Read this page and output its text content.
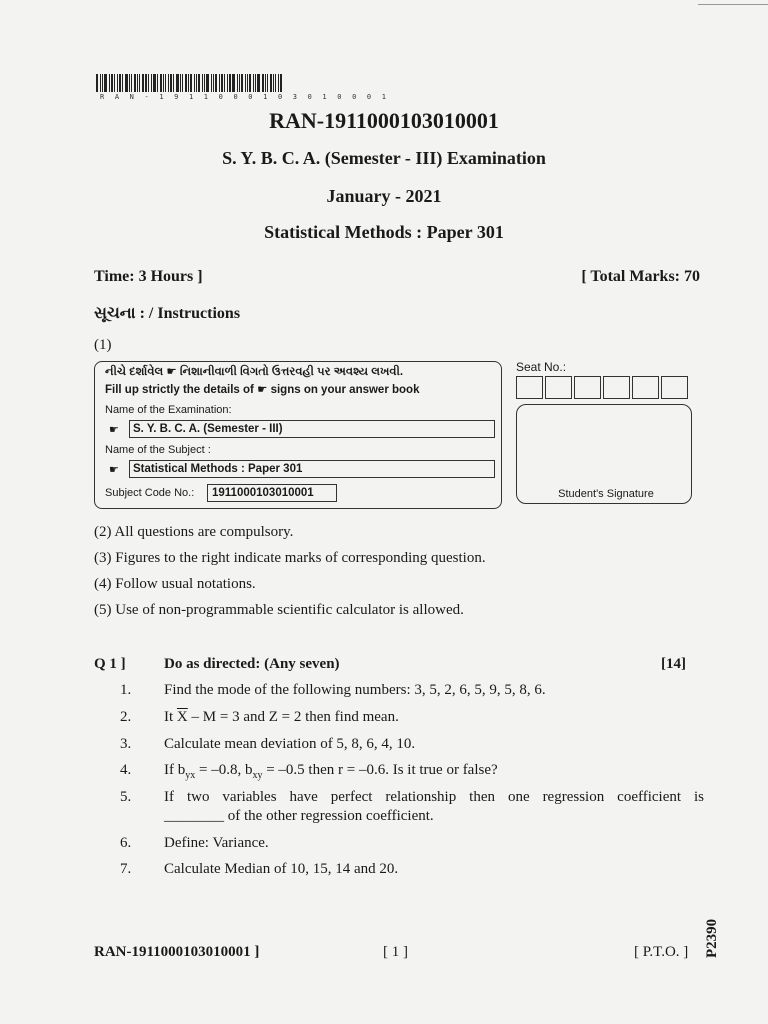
R A N - 1 9 1 1 0 0 0 1 0 3 0 1 0 0 0 1
RAN-1911000103010001
S. Y. B. C. A. (Semester - III) Examination
January - 2021
Statistical Methods : Paper 301
Time: 3 Hours ]	[ Total Marks: 70
સૂચના : / Instructions
(1)
નીચે દર્શાવેલ ☛ નિશાનીવાળી વિગતો ઉત્તરવહી પર અવશ્ય લખવી.
Fill up strictly the details of ☛ signs on your answer book
Name of the Examination:
☛	S. Y. B. C. A. (Semester - III)
Name of the Subject :
☛	Statistical Methods : Paper 301
Subject Code No.:	1911000103010001
Seat No.:
Student's Signature
(2) All questions are compulsory.
(3) Figures to the right indicate marks of corresponding question.
(4) Follow usual notations.
(5) Use of non-programmable scientific calculator is allowed.
Q 1 ]	Do as directed: (Any seven)	[14]
1. Find the mode of the following numbers: 3, 5, 2, 6, 5, 9, 5, 8, 6.
2. It $\overline{X} - M = 3$ and Z = 2 then find mean.
3. Calculate mean deviation of 5, 8, 6, 4, 10.
4. If $b_{yx} = -0.8$, $b_{xy} = -0.5$ then r = –0.6. Is it true or false?
5. If two variables have perfect relationship then one regression coefficient is
________ of the other regression coefficient.
6. Define: Variance.
7. Calculate Median of 10, 15, 14 and 20.
RAN-1911000103010001 ]	[ 1 ]	[ P.T.O. ] P2390
